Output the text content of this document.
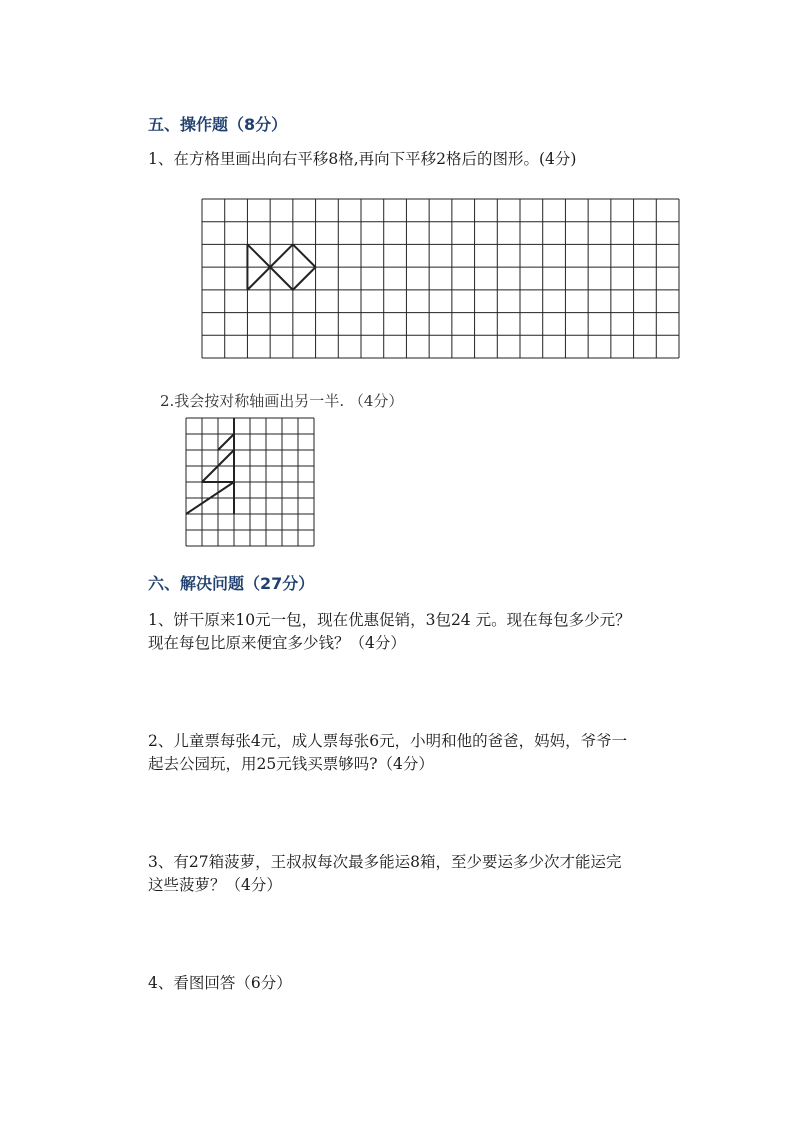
五、操作题（8分）
1、在方格里画出向右平移8格,再向下平移2格后的图形。(4分)
2.我会按对称轴画出另一半. （4分）
六、解决问题（27分）
1、饼干原来10元一包，现在优惠促销，3包24 元。现在每包多少元？
现在每包比原来便宜多少钱？（4分）
2、儿童票每张4元，成人票每张6元，小明和他的爸爸，妈妈，爷爷一
起去公园玩，用25元钱买票够吗?（4分）
3、有27箱菠萝，王叔叔每次最多能运8箱，至少要运多少次才能运完
这些菠萝？（4分）
4、看图回答（6分）
